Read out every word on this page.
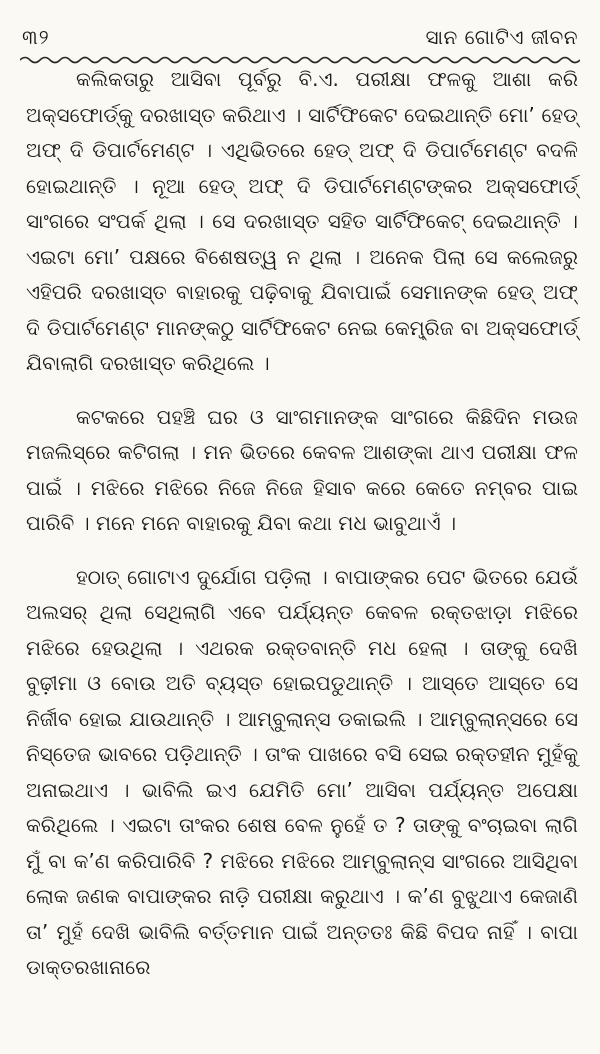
୩୨	ସାନ ଗୋଟିଏ ଜୀବନ

କଲିକତାରୁ ଆସିବା ପୂର୍ବରୁ ବି.ଏ. ପରୀକ୍ଷା ଫଳକୁ ଆଶା କରି ଅକ୍ସଫୋର୍ଡ୍‌କୁ ଦରଖାସ୍ତ କରିଥାଏ । ସାର୍ଟିଫିକେଟ ଦେଇଥାନ୍ତି ମୋ’ ହେଡ୍ ଅଫ୍ ଦି ଡିପାର୍ଟମେଣ୍ଟ । ଏଥିଭିତରେ ହେଡ୍ ଅଫ୍ ଦି ଡିପାର୍ଟମେଣ୍ଟ ବଦଳି ହୋଇଥାନ୍ତି । ନୂଆ ହେଡ୍ ଅଫ୍ ଦି ଡିପାର୍ଟମେଣ୍ଟଙ୍କର ଅକ୍ସଫୋର୍ଡ୍ ସାଂଗରେ ସଂପର୍କ ଥିଲା । ସେ ଦରଖାସ୍ତ ସହିତ ସାର୍ଟିଫିକେଟ୍ ଦେଇଥାନ୍ତି । ଏଇଟା ମୋ’ ପକ୍ଷରେ ବିଶେଷତ୍ୱ ନ ଥିଲା । ଅନେକ ପିଲା ସେ କଲେଜରୁ ଏହିପରି ଦରଖାସ୍ତ ବାହାରକୁ ପଢ଼ିବାକୁ ଯିବାପାଇଁ ସେମାନଙ୍କ ହେଡ୍ ଅଫ୍ ଦି ଡିପାର୍ଟମେଣ୍ଟ ମାନଙ୍କଠୁ ସାର୍ଟିଫିକେଟ ନେଇ କେମ୍ବ୍ରିଜ ବା ଅକ୍ସଫୋର୍ଡ୍ ଯିବାଲାଗି ଦରଖାସ୍ତ କରିଥିଲେ ।

କଟକରେ ପହଞ୍ଚି ଘର ଓ ସାଂଗମାନଙ୍କ ସାଂଗରେ କିଛିଦିନ ମଉଜ ମଜଲିସ୍‌ରେ କଟିଗଲା । ମନ ଭିତରେ କେବଳ ଆଶଙ୍କା ଥାଏ ପରୀକ୍ଷା ଫଳ ପାଇଁ । ମଝିରେ ମଝିରେ ନିଜେ ନିଜେ ହିସାବ କରେ କେତେ ନମ୍ବର ପାଇ ପାରିବି । ମନେ ମନେ ବାହାରକୁ ଯିବା କଥା ମଧ ଭାବୁଥାଏଁ ।

ହଠାତ୍ ଗୋଟାଏ ଦୁର୍ଯୋଗ ପଡ଼ିଲା । ବାପାଙ୍କର ପେଟ ଭିତରେ ଯେଉଁ ଅଲସର୍ ଥିଲା ସେଥିଲାଗି ଏବେ ପର୍ଯ୍ୟନ୍ତ କେବଳ ରକ୍ତଝାଡ଼ା ମଝିରେ ମଝିରେ ହେଉଥିଲା । ଏଥରକ ରକ୍ତବାନ୍ତି ମଧ ହେଲା । ତାଙ୍କୁ ଦେଖି ବୁଢ଼ୀମା ଓ ବୋଉ ଅତି ବ୍ୟସ୍ତ ହୋଇପଡୁଥାନ୍ତି । ଆସ୍ତେ ଆସ୍ତେ ସେ ନିର୍ଜୀବ ହୋଇ ଯାଉଥାନ୍ତି । ଆମ୍ବୁଲାନ୍ସ ଡକାଇଲି । ଆମ୍ବୁଲାନ୍ସରେ ସେ ନିସ୍ତେଜ ଭାବରେ ପଡ଼ିଥାନ୍ତି । ତାଂକ ପାଖରେ ବସି ସେଇ ରକ୍ତହୀନ ମୁହଁକୁ ଅନାଇଥାଏ । ଭାବିଲି ଇଏ ଯେମିତି ମୋ’ ଆସିବା ପର୍ଯ୍ୟନ୍ତ ଅପେକ୍ଷା କରିଥିଲେ । ଏଇଟା ତାଂକର ଶେଷ ବେଳ ନୁହେଁ ତ ? ତାଙ୍କୁ ବଂଚାଇବା ଲାଗି ମୁଁ ବା କ’ଣ କରିପାରିବି ? ମଝିରେ ମଝିରେ ଆମ୍ବୁଲାନ୍ସ ସାଂଗରେ ଆସିଥିବା ଲୋକ ଜଣକ ବାପାଙ୍କର ନାଡ଼ି ପରୀକ୍ଷା କରୁଥାଏ । କ’ଣ ବୁଝୁଥାଏ କେଜାଣି ତା’ ମୁହଁ ଦେଖି ଭାବିଲି ବର୍ତ୍ତମାନ ପାଇଁ ଅନ୍ତତଃ କିଛି ବିପଦ ନାହିଁ । ବାପା ଡାକ୍ତରଖାନାରେ
